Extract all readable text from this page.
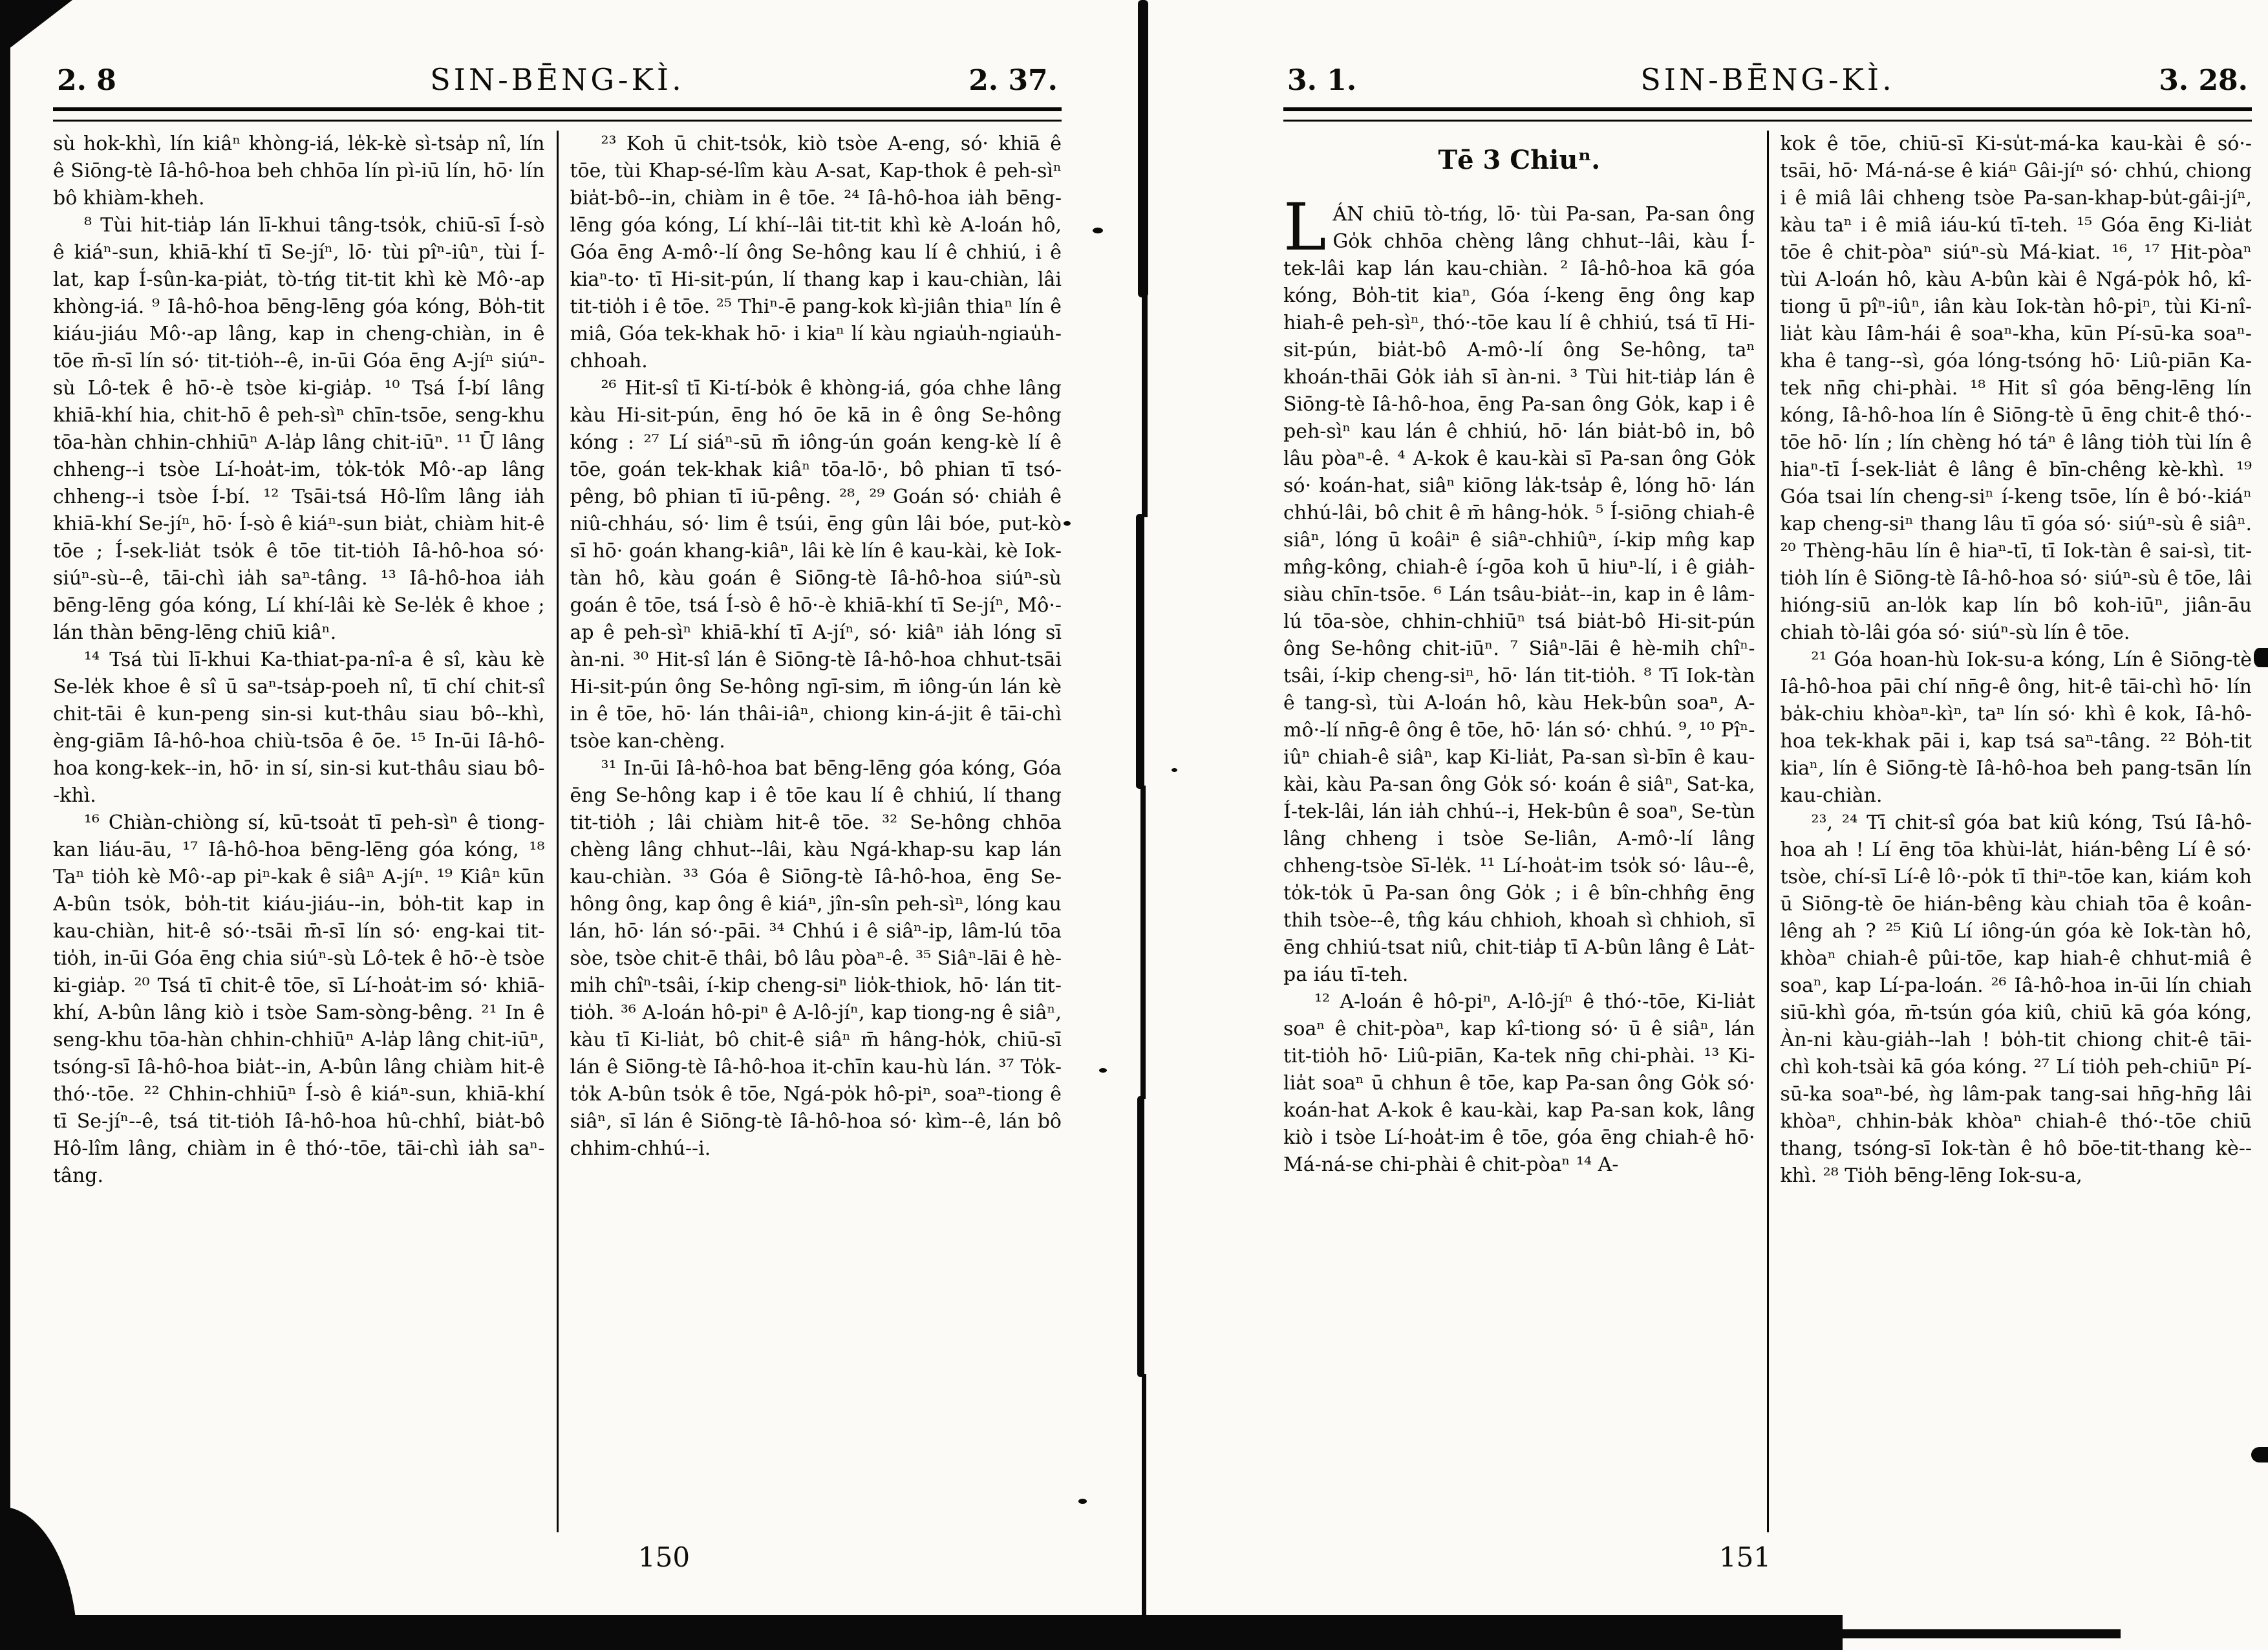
2. 8	SIN-BĒNG-KÌ.	2. 37.

sù hok-khì, lín kiâⁿ khòng-iá, le̍k-kè sì-tsa̍p nî, lín ê Siōng-tè Iâ-hô-hoa beh chhōa lín pì-iū lín, hō· lín bô khiàm-kheh.

⁸ Tùi hit-tia̍p lán lī-khui tâng-tso̍k, chiū-sī Í-sò ê kiáⁿ-sun, khiā-khí tī Se-jíⁿ, lō· tùi pîⁿ-iûⁿ, tùi Í-lat, kap Í-sûn-ka-pia̍t, tò-tńg tit-tit khì kè Mô·-ap khòng-iá. ⁹ Iâ-hô-hoa bēng-lēng góa kóng, Bo̍h-tit kiáu-jiáu Mô·-ap lâng, kap in cheng-chiàn, in ê tōe m̄-sī lín só· tit-tio̍h--ê, in-ūi Góa ēng A-jíⁿ siúⁿ-sù Lô-tek ê hō·-è tsòe ki-gia̍p. ¹⁰ Tsá Í-bí lâng khiā-khí hia, chit-hō ê peh-sìⁿ chīn-tsōe, seng-khu tōa-hàn chhin-chhiūⁿ A-la̍p lâng chit-iūⁿ. ¹¹ Ū lâng chheng--i tsòe Lí-hoa̍t-im, to̍k-to̍k Mô·-ap lâng chheng--i tsòe Í-bí. ¹² Tsāi-tsá Hô-lîm lâng ia̍h khiā-khí Se-jíⁿ, hō· Í-sò ê kiáⁿ-sun bia̍t, chiàm hit-ê tōe ; Í-sek-lia̍t tso̍k ê tōe tit-tio̍h Iâ-hô-hoa só· siúⁿ-sù--ê, tāi-chì ia̍h saⁿ-tâng. ¹³ Iâ-hô-hoa ia̍h bēng-lēng góa kóng, Lí khí-lâi kè Se-le̍k ê khoe ; lán thàn bēng-lēng chiū kiâⁿ.

¹⁴ Tsá tùi lī-khui Ka-thiat-pa-nî-a ê sî, kàu kè Se-le̍k khoe ê sî ū saⁿ-tsa̍p-poeh nî, tī chí chit-sî chit-tāi ê kun-peng sin-si kut-thâu siau bô--khì, èng-giām Iâ-hô-hoa chiù-tsōa ê ōe. ¹⁵ In-ūi Iâ-hô-hoa kong-kek--in, hō· in sí, sin-si kut-thâu siau bô--khì.

¹⁶ Chiàn-chiòng sí, kū-tsoa̍t tī peh-sìⁿ ê tiong-kan liáu-āu, ¹⁷ Iâ-hô-hoa bēng-lēng góa kóng, ¹⁸ Taⁿ tio̍h kè Mô·-ap piⁿ-kak ê siâⁿ A-jíⁿ. ¹⁹ Kiâⁿ kūn A-bûn tso̍k, bo̍h-tit kiáu-jiáu--in, bo̍h-tit kap in kau-chiàn, hit-ê só·-tsāi m̄-sī lín só· eng-kai tit-tio̍h, in-ūi Góa ēng chia siúⁿ-sù Lô-tek ê hō·-è tsòe ki-gia̍p. ²⁰ Tsá tī chit-ê tōe, sī Lí-hoa̍t-im só· khiā-khí, A-bûn lâng kiò i tsòe Sam-sòng-bêng. ²¹ In ê seng-khu tōa-hàn chhin-chhiūⁿ A-la̍p lâng chit-iūⁿ, tsóng-sī Iâ-hô-hoa bia̍t--in, A-bûn lâng chiàm hit-ê thó·-tōe. ²² Chhin-chhiūⁿ Í-sò ê kiáⁿ-sun, khiā-khí tī Se-jíⁿ--ê, tsá tit-tio̍h Iâ-hô-hoa hû-chhî, bia̍t-bô Hô-lîm lâng, chiàm in ê thó·-tōe, tāi-chì ia̍h saⁿ-tâng.

²³ Koh ū chit-tso̍k, kiò tsòe A-eng, só· khiā ê tōe, tùi Khap-sé-lîm kàu A-sat, Kap-thok ê peh-sìⁿ bia̍t-bô--in, chiàm in ê tōe. ²⁴ Iâ-hô-hoa ia̍h bēng-lēng góa kóng, Lí khí--lâi tit-tit khì kè A-loán hô, Góa ēng A-mô·-lí ông Se-hông kau lí ê chhiú, i ê kiaⁿ-to· tī Hi-sit-pún, lí thang kap i kau-chiàn, lâi tit-tio̍h i ê tōe. ²⁵ Thiⁿ-ē pang-kok kì-jiân thiaⁿ lín ê miâ, Góa tek-khak hō· i kiaⁿ lí kàu ngiau̍h-ngiau̍h-chhoah.

²⁶ Hit-sî tī Ki-tí-bo̍k ê khòng-iá, góa chhe lâng kàu Hi-sit-pún, ēng hó ōe kā in ê ông Se-hông kóng : ²⁷ Lí siáⁿ-sū m̄ iông-ún goán keng-kè lí ê tōe, goán tek-khak kiâⁿ tōa-lō·, bô phian tī tsó-pêng, bô phian tī iū-pêng. ²⁸, ²⁹ Goán só· chia̍h ê niû-chháu, só· lim ê tsúi, ēng gûn lâi bóe, put-kò sī hō· goán khang-kiâⁿ, lâi kè lín ê kau-kài, kè Iok-tàn hô, kàu goán ê Siōng-tè Iâ-hô-hoa siúⁿ-sù goán ê tōe, tsá Í-sò ê hō·-è khiā-khí tī Se-jíⁿ, Mô·-ap ê peh-sìⁿ khiā-khí tī A-jíⁿ, só· kiâⁿ ia̍h lóng sī àn-ni. ³⁰ Hit-sî lán ê Siōng-tè Iâ-hô-hoa chhut-tsāi Hi-sit-pún ông Se-hông ngī-sim, m̄ iông-ún lán kè in ê tōe, hō· lán thâi-iâⁿ, chiong kin-á-jit ê tāi-chì tsòe kan-chèng.

³¹ In-ūi Iâ-hô-hoa bat bēng-lēng góa kóng, Góa ēng Se-hông kap i ê tōe kau lí ê chhiú, lí thang tit-tio̍h ; lâi chiàm hit-ê tōe. ³² Se-hông chhōa chèng lâng chhut--lâi, kàu Ngá-khap-su kap lán kau-chiàn. ³³ Góa ê Siōng-tè Iâ-hô-hoa, ēng Se-hông ông, kap ông ê kiáⁿ, jîn-sîn peh-sìⁿ, lóng kau lán, hō· lán só·-pāi. ³⁴ Chhú i ê siâⁿ-ip, lâm-lú tōa sòe, tsòe chit-ē thâi, bô lâu pòaⁿ-ê. ³⁵ Siâⁿ-lāi ê hè-mi̍h chîⁿ-tsâi, í-kip cheng-siⁿ lio̍k-thiok, hō· lán tit-tio̍h. ³⁶ A-loán hô-piⁿ ê A-lô-jíⁿ, kap tiong-ng ê siâⁿ, kàu tī Ki-lia̍t, bô chit-ê siâⁿ m̄ hâng-ho̍k, chiū-sī lán ê Siōng-tè Iâ-hô-hoa it-chīn kau-hù lán. ³⁷ To̍k-to̍k A-bûn tso̍k ê tōe, Ngá-po̍k hô-piⁿ, soaⁿ-tiong ê siâⁿ, sī lán ê Siōng-tè Iâ-hô-hoa só· kìm--ê, lán bô chhim-chhú--i.

150
3. 1.	SIN-BĒNG-KÌ.	3. 28.
Tē 3 Chiuⁿ.

LÁN chiū tò-tńg, lō· tùi Pa-san, Pa-san ông Go̍k chhōa chèng lâng chhut--lâi, kàu Í-tek-lâi kap lán kau-chiàn. ² Iâ-hô-hoa kā góa kóng, Bo̍h-tit kiaⁿ, Góa í-keng ēng ông kap hiah-ê peh-sìⁿ, thó·-tōe kau lí ê chhiú, tsá tī Hi-sit-pún, bia̍t-bô A-mô·-lí ông Se-hông, taⁿ khoán-thāi Go̍k ia̍h sī àn-ni. ³ Tùi hit-tia̍p lán ê Siōng-tè Iâ-hô-hoa, ēng Pa-san ông Go̍k, kap i ê peh-sìⁿ kau lán ê chhiú, hō· lán bia̍t-bô in, bô lâu pòaⁿ-ê. ⁴ A-kok ê kau-kài sī Pa-san ông Go̍k só· koán-hat, siâⁿ kiōng la̍k-tsa̍p ê, lóng hō· lán chhú-lâi, bô chit ê m̄ hâng-ho̍k. ⁵ Í-siōng chiah-ê siâⁿ, lóng ū koâiⁿ ê siâⁿ-chhiûⁿ, í-kip mn̂g kap mn̂g-kông, chiah-ê í-gōa koh ū hiuⁿ-lí, i ê gia̍h-siàu chīn-tsōe. ⁶ Lán tsâu-bia̍t--in, kap in ê lâm-lú tōa-sòe, chhin-chhiūⁿ tsá bia̍t-bô Hi-sit-pún ông Se-hông chit-iūⁿ. ⁷ Siâⁿ-lāi ê hè-mi̍h chîⁿ-tsâi, í-kip cheng-siⁿ, hō· lán tit-tio̍h. ⁸ Tī Iok-tàn ê tang-sì, tùi A-loán hô, kàu Hek-bûn soaⁿ, A-mô·-lí nn̄g-ê ông ê tōe, hō· lán só· chhú. ⁹, ¹⁰ Pîⁿ-iûⁿ chiah-ê siâⁿ, kap Ki-lia̍t, Pa-san sì-bīn ê kau-kài, kàu Pa-san ông Go̍k só· koán ê siâⁿ, Sat-ka, Í-tek-lâi, lán ia̍h chhú--i, Hek-bûn ê soaⁿ, Se-tùn lâng chheng i tsòe Se-liân, A-mô·-lí lâng chheng-tsòe Sī-le̍k. ¹¹ Lí-hoa̍t-im tso̍k só· lâu--ê, to̍k-to̍k ū Pa-san ông Go̍k ; i ê bîn-chhn̂g ēng thih tsòe--ê, tn̂g káu chhioh, khoah sì chhioh, sī ēng chhiú-tsat niû, chit-tia̍p tī A-bûn lâng ê La̍t-pa iáu tī-teh.

¹² A-loán ê hô-piⁿ, A-lô-jíⁿ ê thó·-tōe, Ki-lia̍t soaⁿ ê chit-pòaⁿ, kap kî-tiong só· ū ê siâⁿ, lán tit-tio̍h hō· Liû-piān, Ka-tek nn̄g chi-phài. ¹³ Ki-lia̍t soaⁿ ū chhun ê tōe, kap Pa-san ông Go̍k só· koán-hat A-kok ê kau-kài, kap Pa-san kok, lâng kiò i tsòe Lí-hoa̍t-im ê tōe, góa ēng chiah-ê hō· Má-ná-se chi-phài ê chit-pòaⁿ ¹⁴ A-

kok ê tōe, chiū-sī Ki-su̍t-má-ka kau-kài ê só·-tsāi, hō· Má-ná-se ê kiáⁿ Gâi-jíⁿ só· chhú, chiong i ê miâ lâi chheng tsòe Pa-san-khap-bu̍t-gâi-jíⁿ, kàu taⁿ i ê miâ iáu-kú tī-teh. ¹⁵ Góa ēng Ki-lia̍t tōe ê chit-pòaⁿ siúⁿ-sù Má-kiat. ¹⁶, ¹⁷ Hit-pòaⁿ tùi A-loán hô, kàu A-bûn kài ê Ngá-po̍k hô, kî-tiong ū pîⁿ-iûⁿ, iân kàu Iok-tàn hô-piⁿ, tùi Ki-nî-lia̍t kàu Iâm-hái ê soaⁿ-kha, kūn Pí-sū-ka soaⁿ-kha ê tang--sì, góa lóng-tsóng hō· Liû-piān Ka-tek nn̄g chi-phài. ¹⁸ Hit sî góa bēng-lēng lín kóng, Iâ-hô-hoa lín ê Siōng-tè ū ēng chit-ê thó·-tōe hō· lín ; lín chèng hó táⁿ ê lâng tio̍h tùi lín ê hiaⁿ-tī Í-sek-lia̍t ê lâng ê bīn-chêng kè-khì. ¹⁹ Góa tsai lín cheng-siⁿ í-keng tsōe, lín ê bó·-kiáⁿ kap cheng-siⁿ thang lâu tī góa só· siúⁿ-sù ê siâⁿ. ²⁰ Thèng-hāu lín ê hiaⁿ-tī, tī Iok-tàn ê sai-sì, tit-tio̍h lín ê Siōng-tè Iâ-hô-hoa só· siúⁿ-sù ê tōe, lâi hióng-siū an-lo̍k kap lín bô koh-iūⁿ, jiân-āu chiah tò-lâi góa só· siúⁿ-sù lín ê tōe.

²¹ Góa hoan-hù Iok-su-a kóng, Lín ê Siōng-tè Iâ-hô-hoa pāi chí nn̄g-ê ông, hit-ê tāi-chì hō· lín ba̍k-chiu khòaⁿ-kìⁿ, taⁿ lín só· khì ê kok, Iâ-hô-hoa tek-khak pāi i, kap tsá saⁿ-tâng. ²² Bo̍h-tit kiaⁿ, lín ê Siōng-tè Iâ-hô-hoa beh pang-tsān lín kau-chiàn.

²³, ²⁴ Tī chit-sî góa bat kiû kóng, Tsú Iâ-hô-hoa ah ! Lí ēng tōa khùi-la̍t, hián-bêng Lí ê só· tsòe, chí-sī Lí-ê lô·-po̍k tī thiⁿ-tōe kan, kiám koh ū Siōng-tè ōe hián-bêng kàu chiah tōa ê koân-lêng ah ? ²⁵ Kiû Lí iông-ún góa kè Iok-tàn hô, khòaⁿ chiah-ê pûi-tōe, kap hiah-ê chhut-miâ ê soaⁿ, kap Lí-pa-loán. ²⁶ Iâ-hô-hoa in-ūi lín chiah siū-khì góa, m̄-tsún góa kiû, chiū kā góa kóng, Àn-ni kàu-gia̍h--lah ! bo̍h-tit chiong chit-ê tāi-chì koh-tsài kā góa kóng. ²⁷ Lí tio̍h peh-chiūⁿ Pí-sū-ka soaⁿ-bé, ǹg lâm-pak tang-sai hn̄g-hn̄g lâi khòaⁿ, chhin-ba̍k khòaⁿ chiah-ê thó·-tōe chiū thang, tsóng-sī Iok-tàn ê hô bōe-tit-thang kè--khì. ²⁸ Tio̍h bēng-lēng Iok-su-a,

151
